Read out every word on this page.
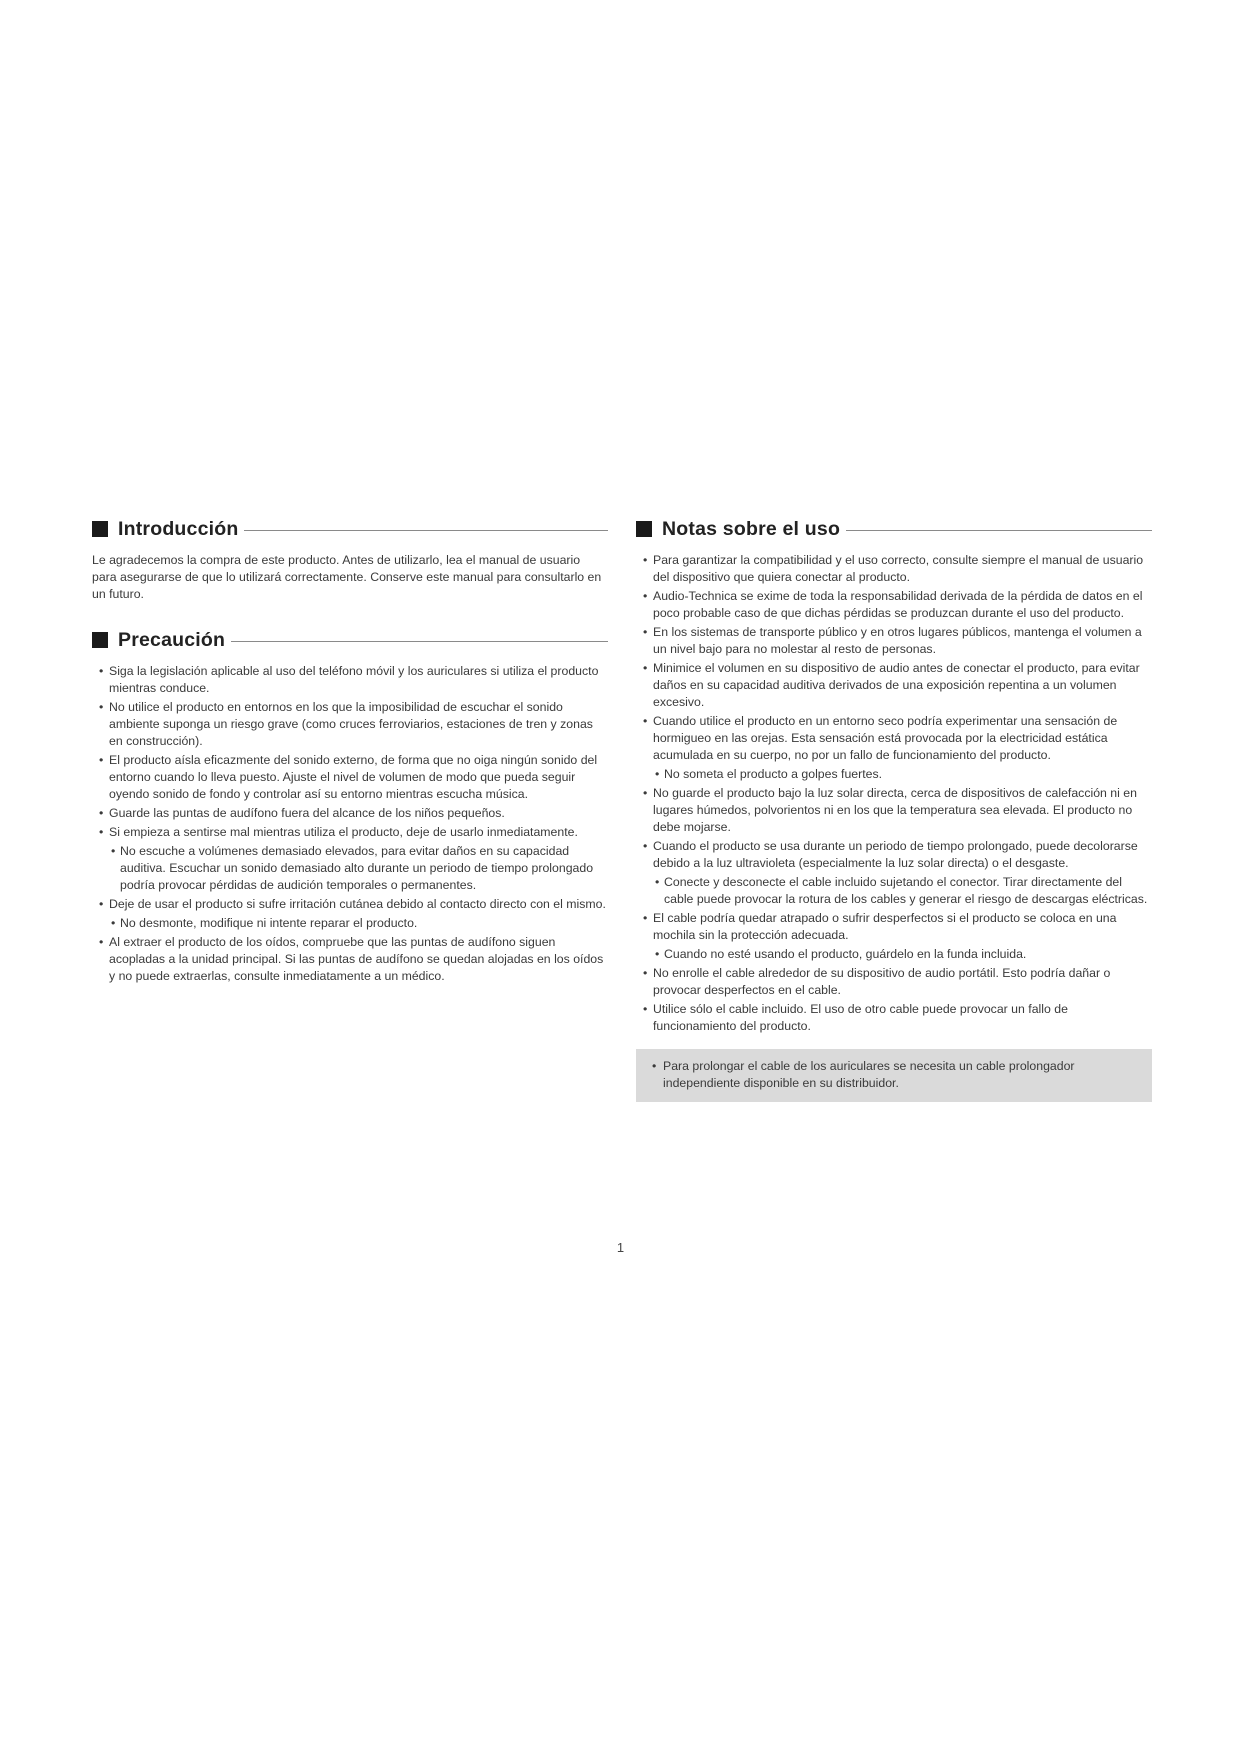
Introducción

Le agradecemos la compra de este producto. Antes de utilizarlo, lea el manual de usuario para asegurarse de que lo utilizará correctamente. Conserve este manual para consultarlo en un futuro.

Precaución
• Siga la legislación aplicable al uso del teléfono móvil y los auriculares si utiliza el producto mientras conduce.
• No utilice el producto en entornos en los que la imposibilidad de escuchar el sonido ambiente suponga un riesgo grave (como cruces ferroviarios, estaciones de tren y zonas en construcción).
• El producto aísla eficazmente del sonido externo, de forma que no oiga ningún sonido del entorno cuando lo lleva puesto. Ajuste el nivel de volumen de modo que pueda seguir oyendo sonido de fondo y controlar así su entorno mientras escucha música.
• Guarde las puntas de audífono fuera del alcance de los niños pequeños.
• Si empieza a sentirse mal mientras utiliza el producto, deje de usarlo inmediatamente.
• No escuche a volúmenes demasiado elevados, para evitar daños en su capacidad auditiva. Escuchar un sonido demasiado alto durante un periodo de tiempo prolongado podría provocar pérdidas de audición temporales o permanentes.
• Deje de usar el producto si sufre irritación cutánea debido al contacto directo con el mismo.
• No desmonte, modifique ni intente reparar el producto.
• Al extraer el producto de los oídos, compruebe que las puntas de audífono siguen acopladas a la unidad principal. Si las puntas de audífono se quedan alojadas en los oídos y no puede extraerlas, consulte inmediatamente a un médico.
Notas sobre el uso
• Para garantizar la compatibilidad y el uso correcto, consulte siempre el manual de usuario del dispositivo que quiera conectar al producto.
• Audio-Technica se exime de toda la responsabilidad derivada de la pérdida de datos en el poco probable caso de que dichas pérdidas se produzcan durante el uso del producto.
• En los sistemas de transporte público y en otros lugares públicos, mantenga el volumen a un nivel bajo para no molestar al resto de personas.
• Minimice el volumen en su dispositivo de audio antes de conectar el producto, para evitar daños en su capacidad auditiva derivados de una exposición repentina a un volumen excesivo.
• Cuando utilice el producto en un entorno seco podría experimentar una sensación de hormigueo en las orejas. Esta sensación está provocada por la electricidad estática acumulada en su cuerpo, no por un fallo de funcionamiento del producto.
• No someta el producto a golpes fuertes.
• No guarde el producto bajo la luz solar directa, cerca de dispositivos de calefacción ni en lugares húmedos, polvorientos ni en los que la temperatura sea elevada. El producto no debe mojarse.
• Cuando el producto se usa durante un periodo de tiempo prolongado, puede decolorarse debido a la luz ultravioleta (especialmente la luz solar directa) o el desgaste.
• Conecte y desconecte el cable incluido sujetando el conector. Tirar directamente del cable puede provocar la rotura de los cables y generar el riesgo de descargas eléctricas.
• El cable podría quedar atrapado o sufrir desperfectos si el producto se coloca en una mochila sin la protección adecuada.
• Cuando no esté usando el producto, guárdelo en la funda incluida.
• No enrolle el cable alrededor de su dispositivo de audio portátil. Esto podría dañar o provocar desperfectos en el cable.
• Utilice sólo el cable incluido. El uso de otro cable puede provocar un fallo de funcionamiento del producto.

• Para prolongar el cable de los auriculares se necesita un cable prolongador independiente disponible en su distribuidor.

1
